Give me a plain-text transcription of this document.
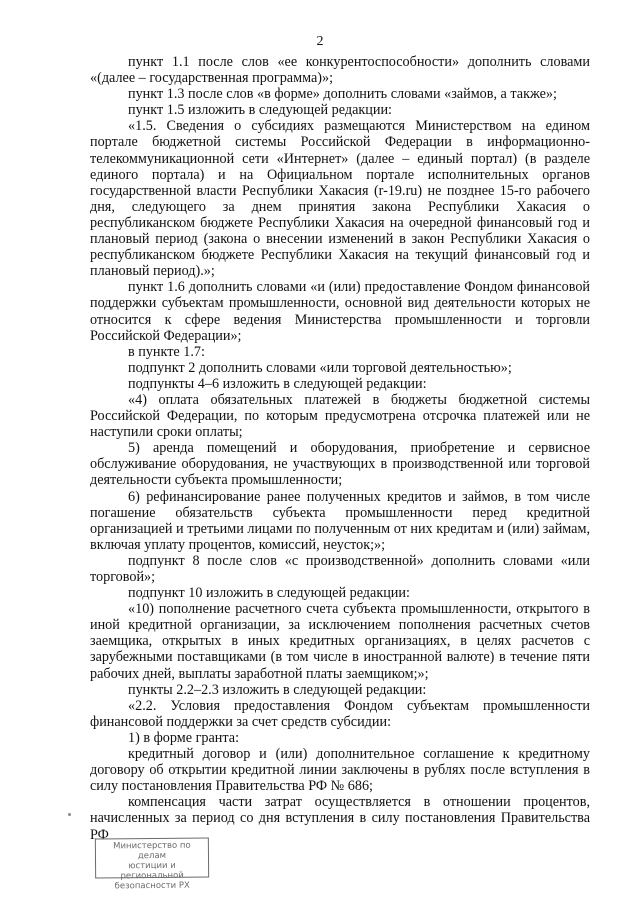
2

пункт 1.1 после слов «ее конкурентоспособности» дополнить словами «(далее – государственная программа)»;

пункт 1.3 после слов «в форме» дополнить словами «займов, а также»;

пункт 1.5 изложить в следующей редакции:

«1.5. Сведения о субсидиях размещаются Министерством на едином портале бюджетной системы Российской Федерации в информационно-телекоммуникационной сети «Интернет» (далее – единый портал) (в разделе единого портала) и на Официальном портале исполнительных органов государственной власти Республики Хакасия (r-19.ru) не позднее 15-го рабочего дня, следующего за днем принятия закона Республики Хакасия о республиканском бюджете Республики Хакасия на очередной финансовый год и плановый период (закона о внесении изменений в закон Республики Хакасия о республиканском бюджете Республики Хакасия на текущий финансовый год и плановый период).»;

пункт 1.6 дополнить словами «и (или) предоставление Фондом финансовой поддержки субъектам промышленности, основной вид деятельности которых не относится к сфере ведения Министерства промышленности и торговли Российской Федерации»;

в пункте 1.7:

подпункт 2 дополнить словами «или торговой деятельностью»;

подпункты 4–6 изложить в следующей редакции:

«4) оплата обязательных платежей в бюджеты бюджетной системы Российской Федерации, по которым предусмотрена отсрочка платежей или не наступили сроки оплаты;

5) аренда помещений и оборудования, приобретение и сервисное обслуживание оборудования, не участвующих в производственной или торговой деятельности субъекта промышленности;

6) рефинансирование ранее полученных кредитов и займов, в том числе погашение обязательств субъекта промышленности перед кредитной организацией и третьими лицами по полученным от них кредитам и (или) займам, включая уплату процентов, комиссий, неусток;»;

подпункт 8 после слов «с производственной» дополнить словами «или торговой»;

подпункт 10 изложить в следующей редакции:

«10) пополнение расчетного счета субъекта промышленности, открытого в иной кредитной организации, за исключением пополнения расчетных счетов заемщика, открытых в иных кредитных организациях, в целях расчетов с зарубежными поставщиками (в том числе в иностранной валюте) в течение пяти рабочих дней, выплаты заработной платы заемщиком;»;

пункты 2.2–2.3 изложить в следующей редакции:

«2.2. Условия предоставления Фондом субъектам промышленности финансовой поддержки за счет средств субсидии:

1) в форме гранта:

кредитный договор и (или) дополнительное соглашение к кредитному договору об открытии кредитной линии заключены в рублях после вступления в силу постановления Правительства РФ № 686;

компенсация части затрат осуществляется в отношении процентов, начисленных за период со дня вступления в силу постановления Правительства РФ

Министерство по делам
юстиции и региональной
безопасности РХ
